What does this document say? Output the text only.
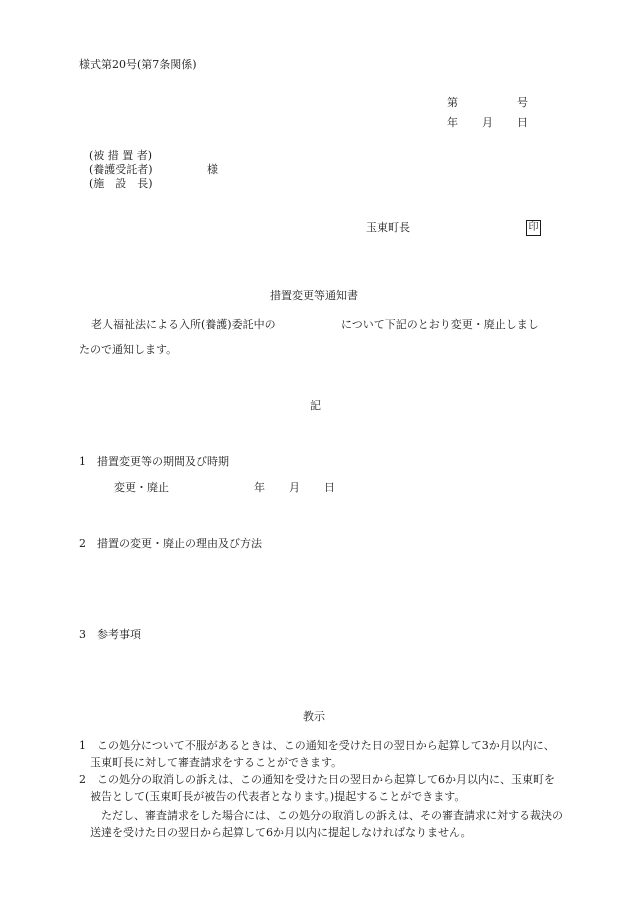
様式第20号(第7条関係)
第	号
年 月 日
(被 措 置 者)
(養護受託者)
(施　設　長)
様
玉東町長	印
措置変更等通知書
老人福祉法による入所(養護)委託中の	について下記のとおり変更・廃止しまし
たので通知します。
記
1　措置変更等の期間及び時期
変更・廃止	年 月 日
2　措置の変更・廃止の理由及び方法
3　参考事項
教示
1　この処分について不服があるときは、この通知を受けた日の翌日から起算して3か月以内に、玉東町長に対して審査請求をすることができます。
2　この処分の取消しの訴えは、この通知を受けた日の翌日から起算して6か月以内に、玉東町を被告として(玉東町長が被告の代表者となります。)提起することができます。
ただし、審査請求をした場合には、この処分の取消しの訴えは、その審査請求に対する裁決の送達を受けた日の翌日から起算して6か月以内に提起しなければなりません。
